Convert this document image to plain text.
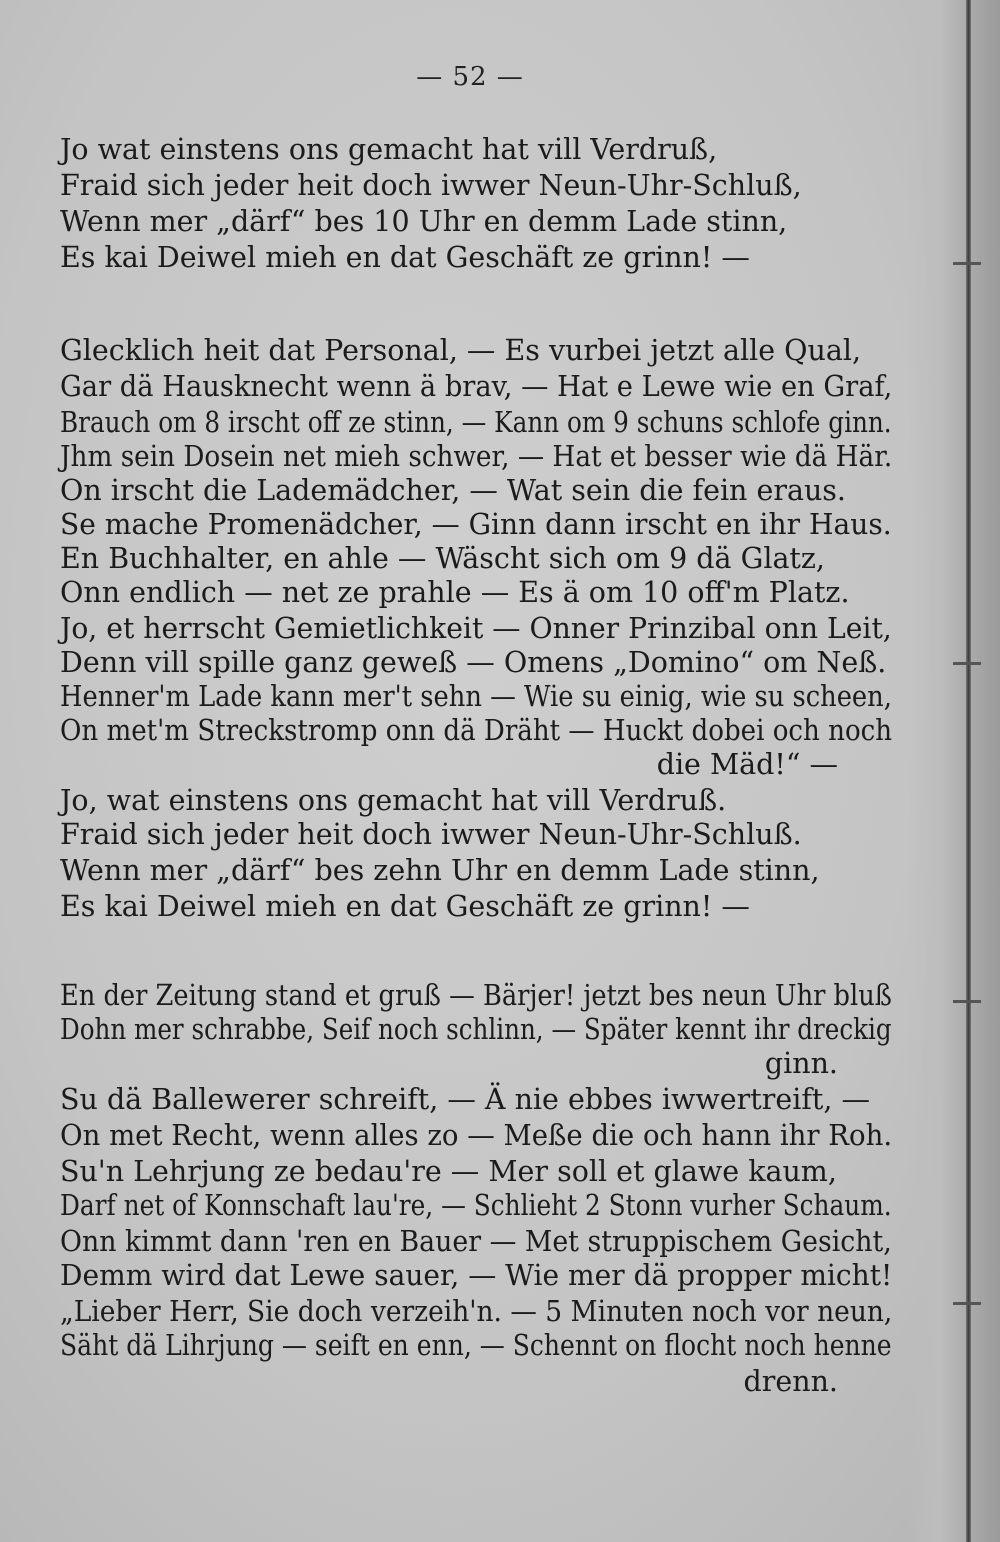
— 52 —
Jo wat einstens ons gemacht hat vill Verdruß,
Fraid sich jeder heit doch iwwer Neun-Uhr-Schluß,
Wenn mer „därf“ bes 10 Uhr en demm Lade stinn,
Es kai Deiwel mieh en dat Geschäft ze grinn! —
Glecklich heit dat Personal, — Es vurbei jetzt alle Qual,
Gar dä Hausknecht wenn ä brav, — Hat e Lewe wie en Graf,
Brauch om 8 irscht off ze stinn, — Kann om 9 schuns schlofe ginn.
Jhm sein Dosein net mieh schwer, — Hat et besser wie dä Här.
On irscht die Lademädcher, — Wat sein die fein eraus.
Se mache Promenädcher, — Ginn dann irscht en ihr Haus.
En Buchhalter, en ahle — Wäscht sich om 9 dä Glatz,
Onn endlich — net ze prahle — Es ä om 10 off'm Platz.
Jo, et herrscht Gemietlichkeit — Onner Prinzibal onn Leit,
Denn vill spille ganz geweß — Omens „Domino“ om Neß.
Henner'm Lade kann mer't sehn — Wie su einig, wie su scheen,
On met'm Streckstromp onn dä Dräht — Huckt dobei och noch
die Mäd!“ —
Jo, wat einstens ons gemacht hat vill Verdruß.
Fraid sich jeder heit doch iwwer Neun-Uhr-Schluß.
Wenn mer „därf“ bes zehn Uhr en demm Lade stinn,
Es kai Deiwel mieh en dat Geschäft ze grinn! —
En der Zeitung stand et gruß — Bärjer! jetzt bes neun Uhr bluß
Dohn mer schrabbe, Seif noch schlinn, — Später kennt ihr dreckig
ginn.
Su dä Ballewerer schreift, — Ä nie ebbes iwwertreift, —
On met Recht, wenn alles zo — Meße die och hann ihr Roh.
Su'n Lehrjung ze bedau're — Mer soll et glawe kaum,
Darf net of Konnschaft lau're, — Schlieht 2 Stonn vurher Schaum.
Onn kimmt dann 'ren en Bauer — Met struppischem Gesicht,
Demm wird dat Lewe sauer, — Wie mer dä propper micht!
„Lieber Herr, Sie doch verzeih'n. — 5 Minuten noch vor neun,
Säht dä Lihrjung — seift en enn, — Schennt on flocht noch henne
drenn.
